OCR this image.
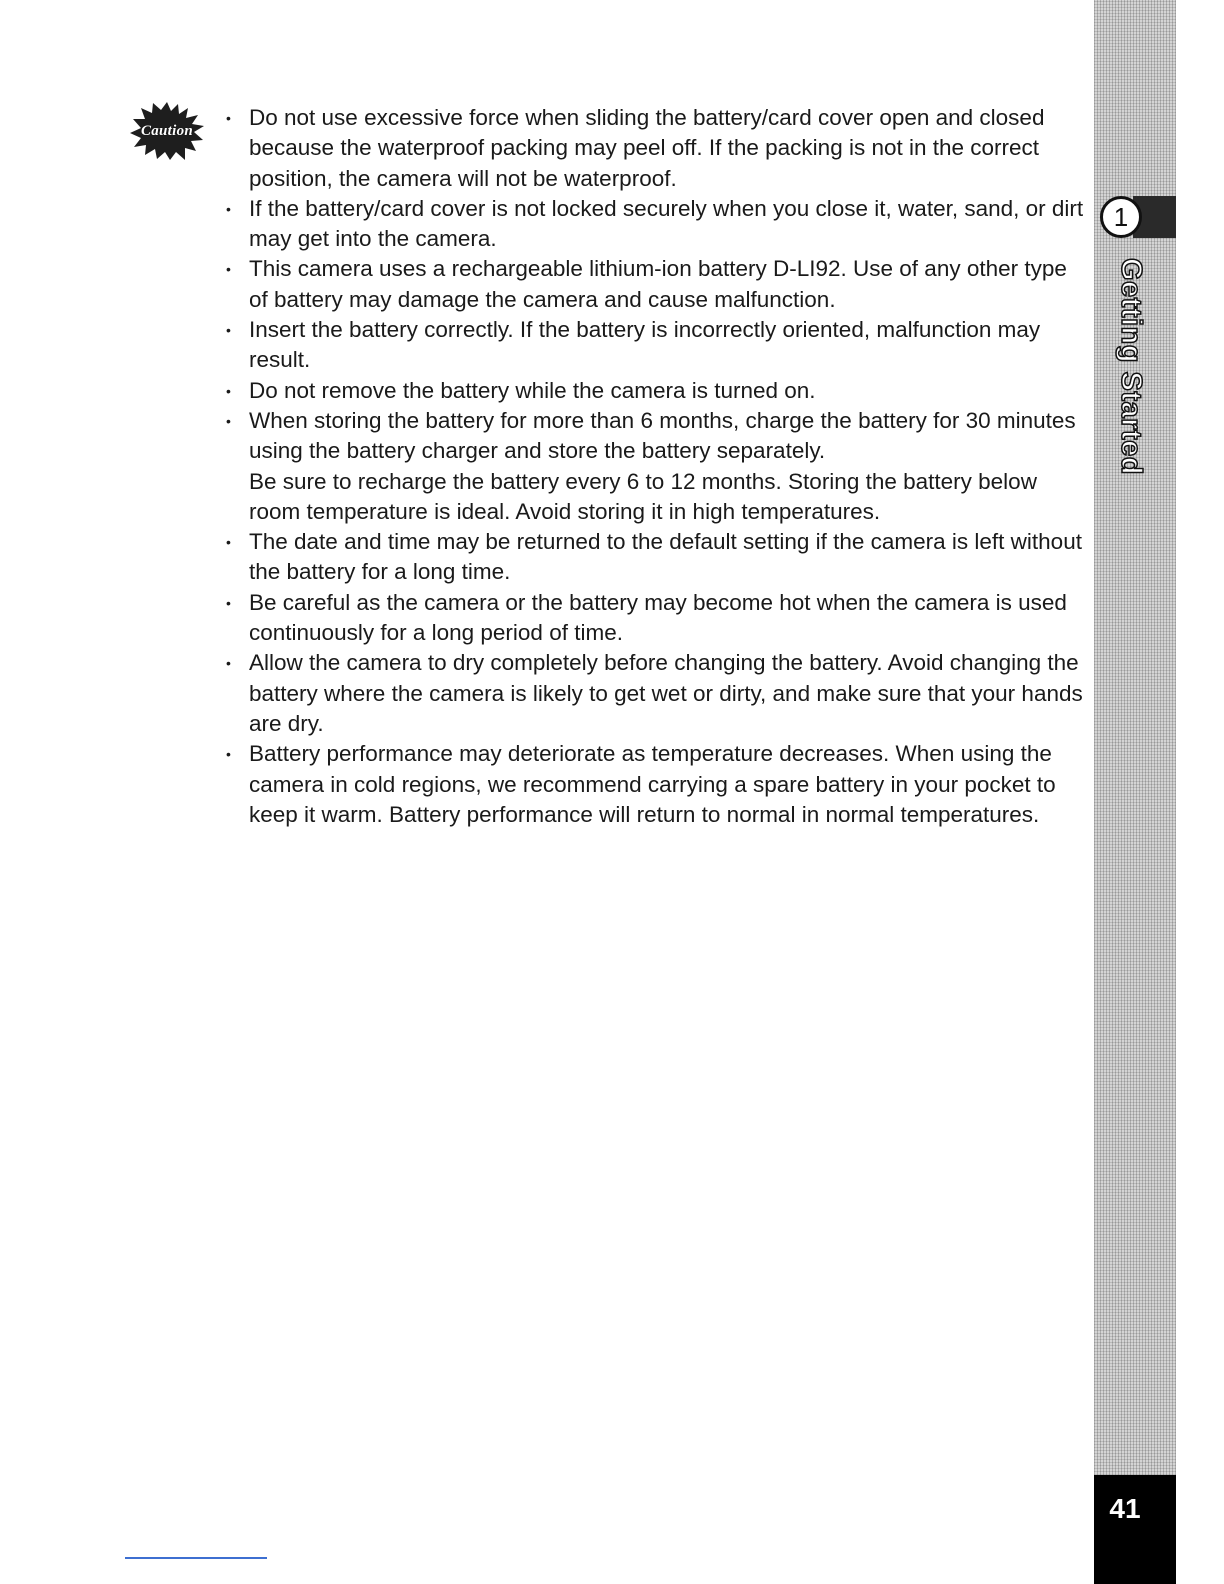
Caution
• Do not use excessive force when sliding the battery/card cover open and closed because the waterproof packing may peel off. If the packing is not in the correct position, the camera will not be waterproof.

• If the battery/card cover is not locked securely when you close it, water, sand, or dirt may get into the camera.

• This camera uses a rechargeable lithium-ion battery D-LI92. Use of any other type of battery may damage the camera and cause malfunction.

• Insert the battery correctly. If the battery is incorrectly oriented, malfunction may result.

• Do not remove the battery while the camera is turned on.

• When storing the battery for more than 6 months, charge the battery for 30 minutes using the battery charger and store the battery separately.

Be sure to recharge the battery every 6 to 12 months. Storing the battery below room temperature is ideal. Avoid storing it in high temperatures.

• The date and time may be returned to the default setting if the camera is left without the battery for a long time.

• Be careful as the camera or the battery may become hot when the camera is used continuously for a long period of time.

• Allow the camera to dry completely before changing the battery. Avoid changing the battery where the camera is likely to get wet or dirty, and make sure that your hands are dry.

• Battery performance may deteriorate as temperature decreases. When using the camera in cold regions, we recommend carrying a spare battery in your pocket to keep it warm. Battery performance will return to normal in normal temperatures.

1
Getting Started
41
